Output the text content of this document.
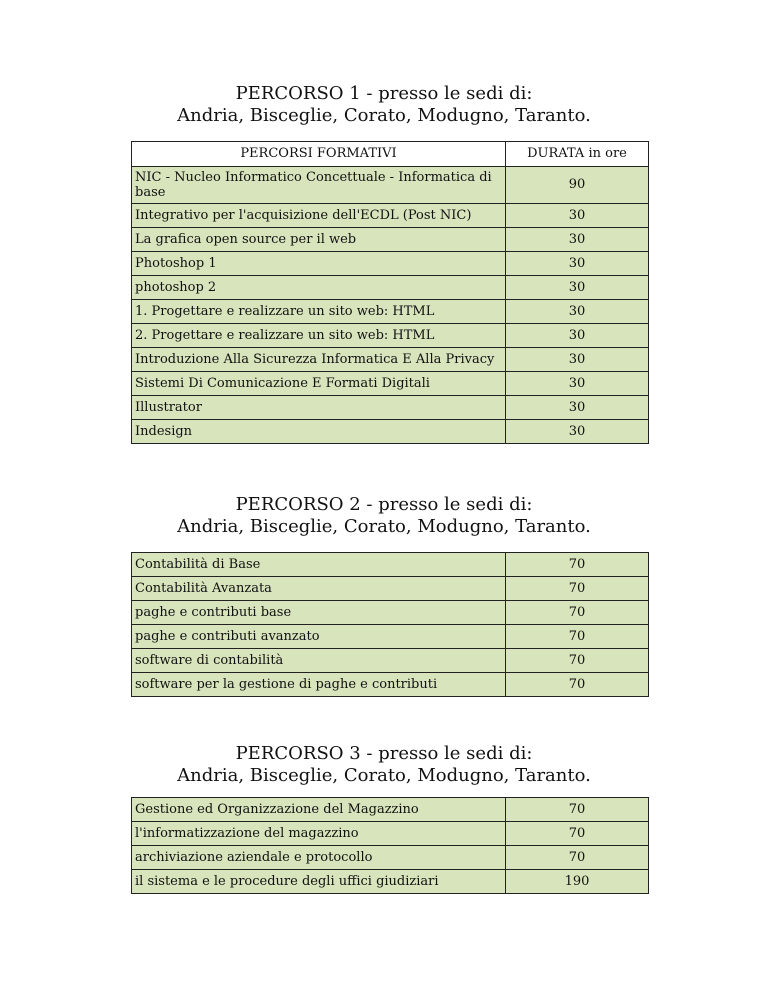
PERCORSO 1 - presso le sedi di:
Andria, Bisceglie, Corato, Modugno, Taranto.
PERCORSI FORMATIVI	DURATA in ore
NIC - Nucleo Informatico Concettuale - Informatica di base	90
Integrativo per l'acquisizione dell'ECDL (Post NIC)	30
La grafica open source per il web	30
Photoshop 1	30
photoshop 2	30
1. Progettare e realizzare un sito web: HTML	30
2. Progettare e realizzare un sito web: HTML	30
Introduzione Alla Sicurezza Informatica E Alla Privacy	30
Sistemi Di Comunicazione E Formati Digitali	30
Illustrator	30
Indesign	30
PERCORSO 2 - presso le sedi di:
Andria, Bisceglie, Corato, Modugno, Taranto.
Contabilità di Base	70
Contabilità Avanzata	70
paghe e contributi base	70
paghe e contributi avanzato	70
software di contabilità	70
software per la gestione di paghe e contributi	70
PERCORSO 3 - presso le sedi di:
Andria, Bisceglie, Corato, Modugno, Taranto.
Gestione ed Organizzazione del Magazzino	70
l'informatizzazione del magazzino	70
archiviazione aziendale e protocollo	70
il sistema e le procedure degli uffici giudiziari	190
